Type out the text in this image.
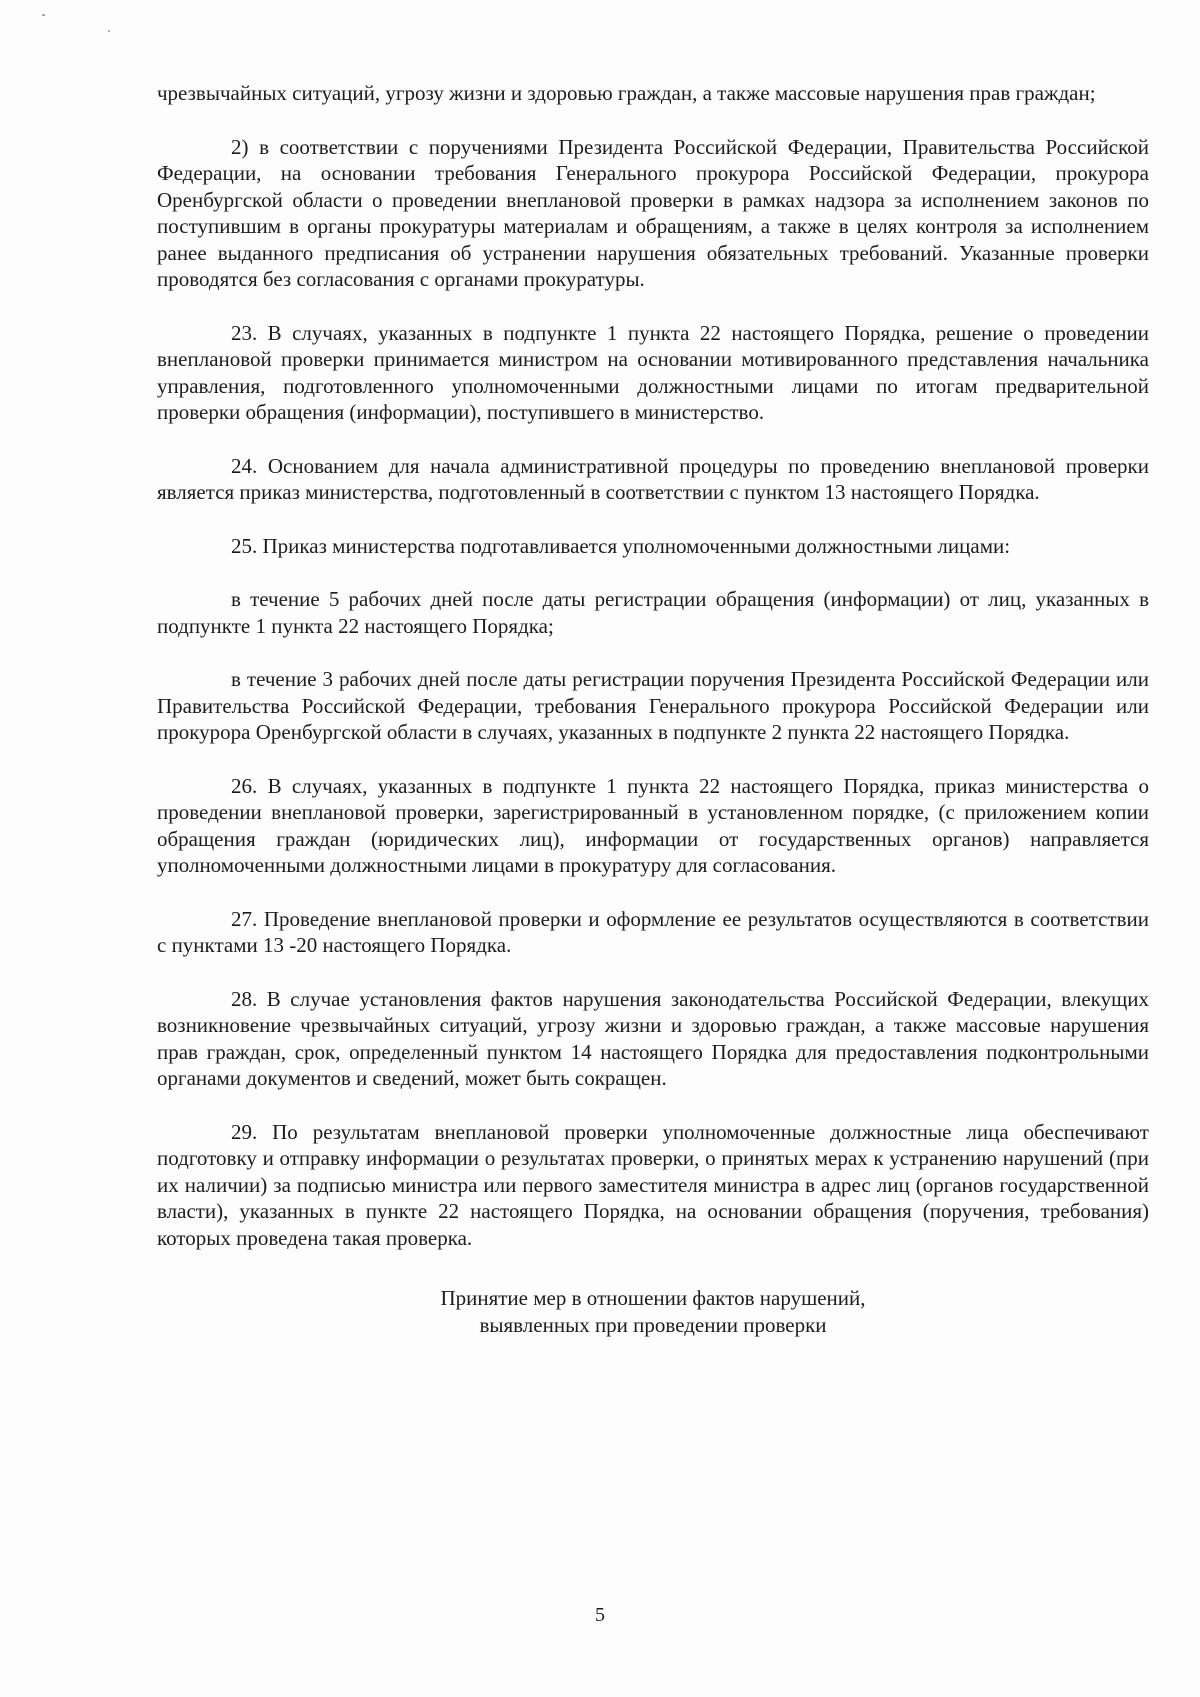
чрезвычайных ситуаций, угрозу жизни и здоровью граждан, а также массовые нарушения прав граждан;

2) в соответствии с поручениями Президента Российской Федерации, Правительства Российской Федерации, на основании требования Генерального прокурора Российской Федерации, прокурора Оренбургской области о проведении внеплановой проверки в рамках надзора за исполнением законов по поступившим в органы прокуратуры материалам и обращениям, а также в целях контроля за исполнением ранее выданного предписания об устранении нарушения обязательных требований. Указанные проверки проводятся без согласования с органами прокуратуры.

23. В случаях, указанных в подпункте 1 пункта 22 настоящего Порядка, решение о проведении внеплановой проверки принимается министром на основании мотивированного представления начальника управления, подготовленного уполномоченными должностными лицами по итогам предварительной проверки обращения (информации), поступившего в министерство.

24. Основанием для начала административной процедуры по проведению внеплановой проверки является приказ министерства, подготовленный в соответствии с пунктом 13 настоящего Порядка.

25. Приказ министерства подготавливается уполномоченными должностными лицами:

в течение 5 рабочих дней после даты регистрации обращения (информации) от лиц, указанных в подпункте 1 пункта 22 настоящего Порядка;

в течение 3 рабочих дней после даты регистрации поручения Президента Российской Федерации или Правительства Российской Федерации, требования Генерального прокурора Российской Федерации или прокурора Оренбургской области в случаях, указанных в подпункте 2 пункта 22 настоящего Порядка.

26. В случаях, указанных в подпункте 1 пункта 22 настоящего Порядка, приказ министерства о проведении внеплановой проверки, зарегистрированный в установленном порядке, (с приложением копии обращения граждан (юридических лиц), информации от государственных органов) направляется уполномоченными должностными лицами в прокуратуру для согласования.

27. Проведение внеплановой проверки и оформление ее результатов осуществляются в соответствии с пунктами 13 -20 настоящего Порядка.

28. В случае установления фактов нарушения законодательства Российской Федерации, влекущих возникновение чрезвычайных ситуаций, угрозу жизни и здоровью граждан, а также массовые нарушения прав граждан, срок, определенный пунктом 14 настоящего Порядка для предоставления подконтрольными органами документов и сведений, может быть сокращен.

29. По результатам внеплановой проверки уполномоченные должностные лица обеспечивают подготовку и отправку информации о результатах проверки, о принятых мерах к устранению нарушений (при их наличии) за подписью министра или первого заместителя министра в адрес лиц (органов государственной власти), указанных в пункте 22 настоящего Порядка, на основании обращения (поручения, требования) которых проведена такая проверка.

Принятие мер в отношении фактов нарушений,
выявленных при проведении проверки
5
